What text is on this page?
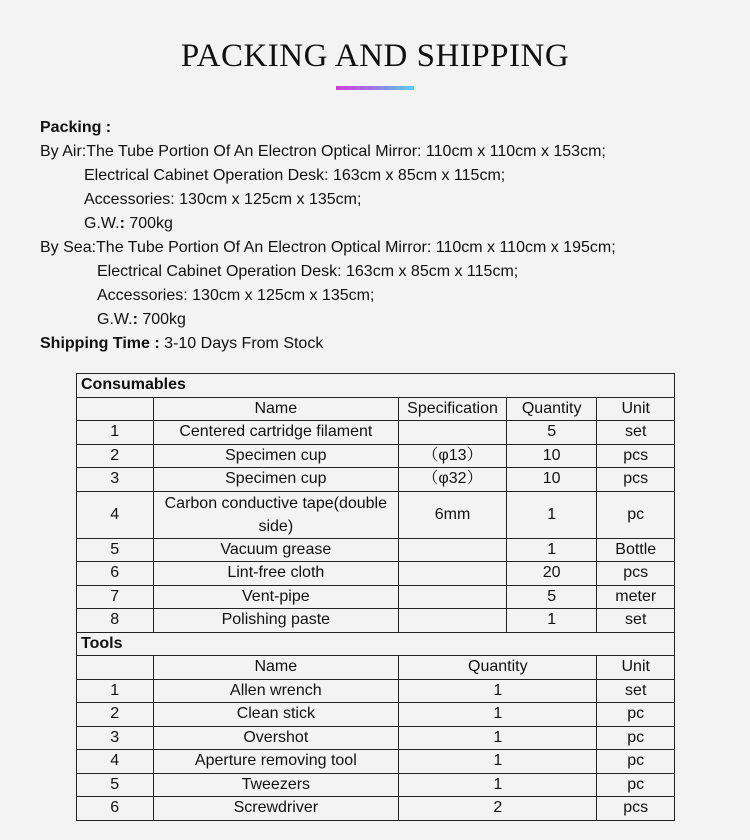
PACKING AND SHIPPING
Packing :
By Air:The Tube Portion Of An Electron Optical Mirror: 110cm x 110cm x 153cm;
Electrical Cabinet Operation Desk: 163cm x 85cm x 115cm;
Accessories: 130cm x 125cm x 135cm;
G.W.: 700kg
By Sea:The Tube Portion Of An Electron Optical Mirror: 110cm x 110cm x 195cm;
Electrical Cabinet Operation Desk: 163cm x 85cm x 115cm;
Accessories: 130cm x 125cm x 135cm;
G.W.: 700kg
Shipping Time : 3-10 Days From Stock
Consumables				
	Name	Specification	Quantity	Unit
1	Centered cartridge filament		5	set
2	Specimen cup	（φ13）	10	pcs
3	Specimen cup	（φ32）	10	pcs
4	Carbon conductive tape(double side)	6mm	1	pc
5	Vacuum grease		1	Bottle
6	Lint-free cloth		20	pcs
7	Vent-pipe		5	meter
8	Polishing paste		1	set
Tools				
	Name	Quantity		Unit
1	Allen wrench	1		set
2	Clean stick	1		pc
3	Overshot	1		pc
4	Aperture removing tool	1		pc
5	Tweezers	1		pc
6	Screwdriver	2		pcs
